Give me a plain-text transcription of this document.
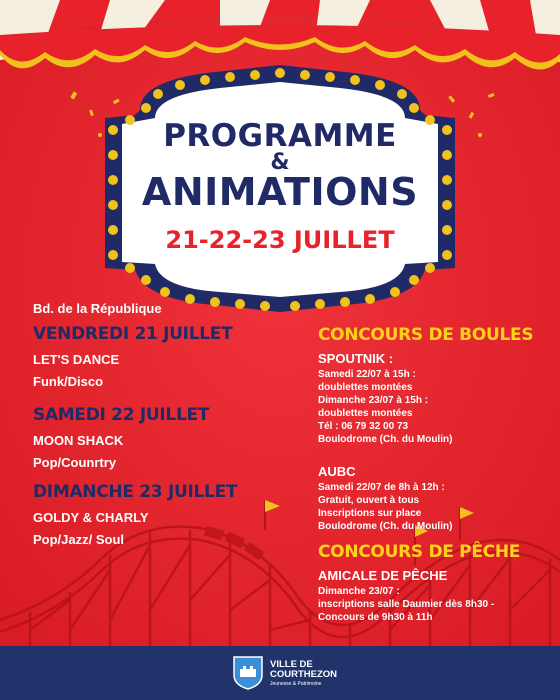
PROGRAMME
&
ANIMATIONS
21-22-23 JUILLET
Bd. de la République
VENDREDI 21 JUILLET
LET'S DANCE
Funk/Disco
SAMEDI 22 JUILLET
MOON SHACK
Pop/Counrtry
DIMANCHE 23 JUILLET
GOLDY & CHARLY
Pop/Jazz/ Soul
CONCOURS DE BOULES
SPOUTNIK :
Samedi 22/07 à 15h :
doublettes montées
Dimanche 23/07 à 15h :
doublettes montées
Tél : 06 79 32 00 73
Boulodrome (Ch. du Moulin)
AUBC
Samedi 22/07 de 8h à 12h :
Gratuit, ouvert à tous
Inscriptions sur place
Boulodrome (Ch. du Moulin)
CONCOURS DE PÊCHE
AMICALE DE PÊCHE
Dimanche 23/07 :
inscriptions salle Daumier dès 8h30 -
Concours de 9h30 à 11h
VILLE DE
COURTHEZON
Jeunesse & Patrimoine
